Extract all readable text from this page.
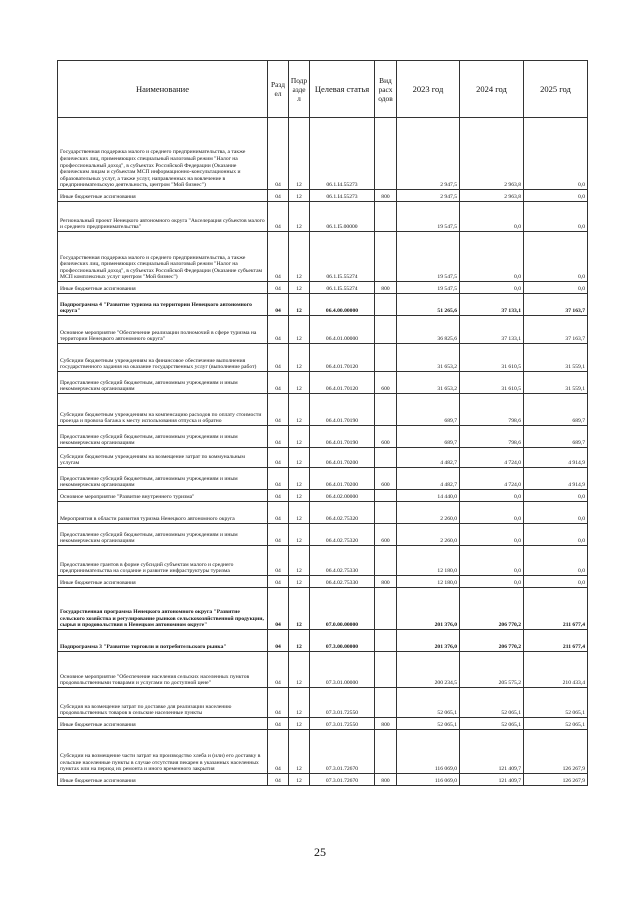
Наименование	Разд ел	Подр азде л	Целевая статья	Вид расх одов	2023 год	2024 год	2025 год
Государственная поддержка малого и среднего предпринимательства, а также физических лиц, применяющих специальный налоговый режим "Налог на профессиональный доход", в субъектах Российской Федерации (Оказание физическим лицам и субъектам МСП информационно-консультационных и образовательных услуг, а также услуг, направленных на вовлечение в предпринимательскую деятельность, центром "Мой бизнес")	04	12	06.1.I4.55273		2 947,5	2 963,8	0,0
Иные бюджетные ассигнования	04	12	06.1.I4.55273	800	2 947,5	2 963,8	0,0
Региональный проект Ненецкого автономного округа "Акселерация субъектов малого и среднего предпринимательства"	04	12	06.1.I5.00000		19 547,5	0,0	0,0
Государственная поддержка малого и среднего предпринимательства, а также физических лиц, применяющих специальный налоговый режим "Налог на профессиональный доход", в субъектах Российской Федерации (Оказание субъектам МСП комплексных услуг центром "Мой бизнес")	04	12	06.1.I5.55274		19 547,5	0,0	0,0
Иные бюджетные ассигнования	04	12	06.1.I5.55274	800	19 547,5	0,0	0,0
Подпрограмма 4 "Развитие туризма на территории Ненецкого автономного округа"	04	12	06.4.00.00000		51 265,6	37 133,1	37 163,7
Основное мероприятие "Обеспечение реализации полномочий в сфере туризма на территории Ненецкого автономного округа"	04	12	06.4.01.00000		36 825,6	37 133,1	37 163,7
Субсидии бюджетным учреждениям на финансовое обеспечение выполнения государственного задания на оказание государственных услуг (выполнение работ)	04	12	06.4.01.70120		31 653,2	31 610,5	31 559,1
Предоставление субсидий бюджетным, автономным учреждениям и иным некоммерческим организациям	04	12	06.4.01.70120	600	31 653,2	31 610,5	31 559,1
Субсидии бюджетным учреждениям на компенсацию расходов по оплату стоимости проезда и провоза багажа к месту использования отпуска и обратно	04	12	06.4.01.70190		689,7	798,6	689,7
Предоставление субсидий бюджетным, автономным учреждениям и иным некоммерческим организациям	04	12	06.4.01.70190	600	689,7	798,6	689,7
Субсидии бюджетным учреждениям на возмещение затрат по коммунальным услугам	04	12	06.4.01.70200		4 482,7	4 724,0	4 914,9
Предоставление субсидий бюджетным, автономным учреждениям и иным некоммерческим организациям	04	12	06.4.01.70200	600	4 482,7	4 724,0	4 914,9
Основное мероприятие "Развитие внутреннего туризма"	04	12	06.4.02.00000		14 440,0	0,0	0,0
Мероприятия в области развития туризма Ненецкого автономного округа	04	12	06.4.02.75320		2 260,0	0,0	0,0
Предоставление субсидий бюджетным, автономным учреждениям и иным некоммерческим организациям	04	12	06.4.02.75320	600	2 260,0	0,0	0,0
Предоставление грантов в форме субсидий субъектам малого и среднего предпринимательства на создание и развитие инфраструктуры туризма	04	12	06.4.02.75330		12 180,0	0,0	0,0
Иные бюджетные ассигнования	04	12	06.4.02.75330	800	12 180,0	0,0	0,0
Государственная программа Ненецкого автономного округа "Развитие сельского хозяйства и регулирование рынков сельскохозяйственной продукции, сырья и продовольствия в Ненецком автономном округе"	04	12	07.0.00.00000		201 376,0	206 770,2	211 677,4
Подпрограмма 3 "Развитие торговли и потребительского рынка"	04	12	07.3.00.00000		201 376,0	206 770,2	211 677,4
Основное мероприятие "Обеспечение населения сельских населенных пунктов продовольственными товарами и услугами по доступной цене"	04	12	07.3.01.00000		200 234,5	205 575,2	210 433,4
Субсидия на возмещение затрат по доставке для реализации населению продовольственных товаров в сельские населенные пункты	04	12	07.3.01.72550		52 065,1	52 065,1	52 065,1
Иные бюджетные ассигнования	04	12	07.3.01.72550	800	52 065,1	52 065,1	52 065,1
Субсидии на возмещение части затрат на производство хлеба и (или) его доставку в сельские населенные пункты в случае отсутствия пекарен в указанных населенных пунктах или на период их ремонта и иного временного закрытия	04	12	07.3.01.72670		116 069,0	121 409,7	126 267,9
Иные бюджетные ассигнования	04	12	07.3.01.72670	800	116 069,0	121 409,7	126 267,9
25
